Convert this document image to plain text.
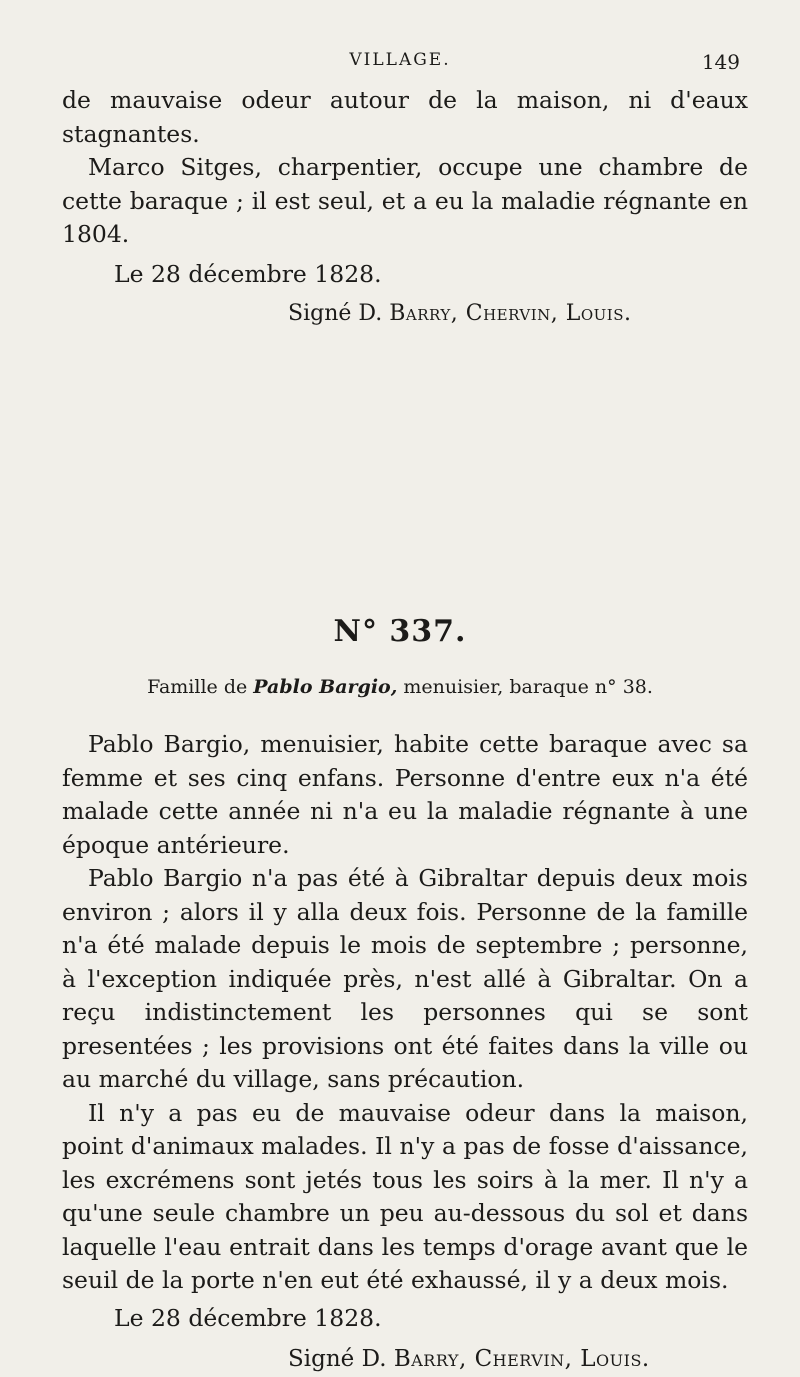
VILLAGE.	149

de mauvaise odeur autour de la maison, ni d'eaux stagnantes.

Marco Sitges, charpentier, occupe une chambre de cette baraque ; il est seul, et a eu la maladie régnante en 1804.

Le 28 décembre 1828.

Signé D. Barry, Chervin, Louis.

N° 337.
Famille de Pablo Bargio, menuisier, baraque n° 38.

Pablo Bargio, menuisier, habite cette baraque avec sa femme et ses cinq enfans. Personne d'entre eux n'a été malade cette année ni n'a eu la maladie régnante à une époque antérieure.

Pablo Bargio n'a pas été à Gibraltar depuis deux mois environ ; alors il y alla deux fois. Personne de la famille n'a été malade depuis le mois de septembre ; personne, à l'exception indiquée près, n'est allé à Gibraltar. On a reçu indistinctement les personnes qui se sont presentées ; les provisions ont été faites dans la ville ou au marché du village, sans précaution.

Il n'y a pas eu de mauvaise odeur dans la maison, point d'animaux malades. Il n'y a pas de fosse d'aissance, les excrémens sont jetés tous les soirs à la mer. Il n'y a qu'une seule chambre un peu au-dessous du sol et dans laquelle l'eau entrait dans les temps d'orage avant que le seuil de la porte n'en eut été exhaussé, il y a deux mois.

Le 28 décembre 1828.

Signé D. Barry, Chervin, Louis.
